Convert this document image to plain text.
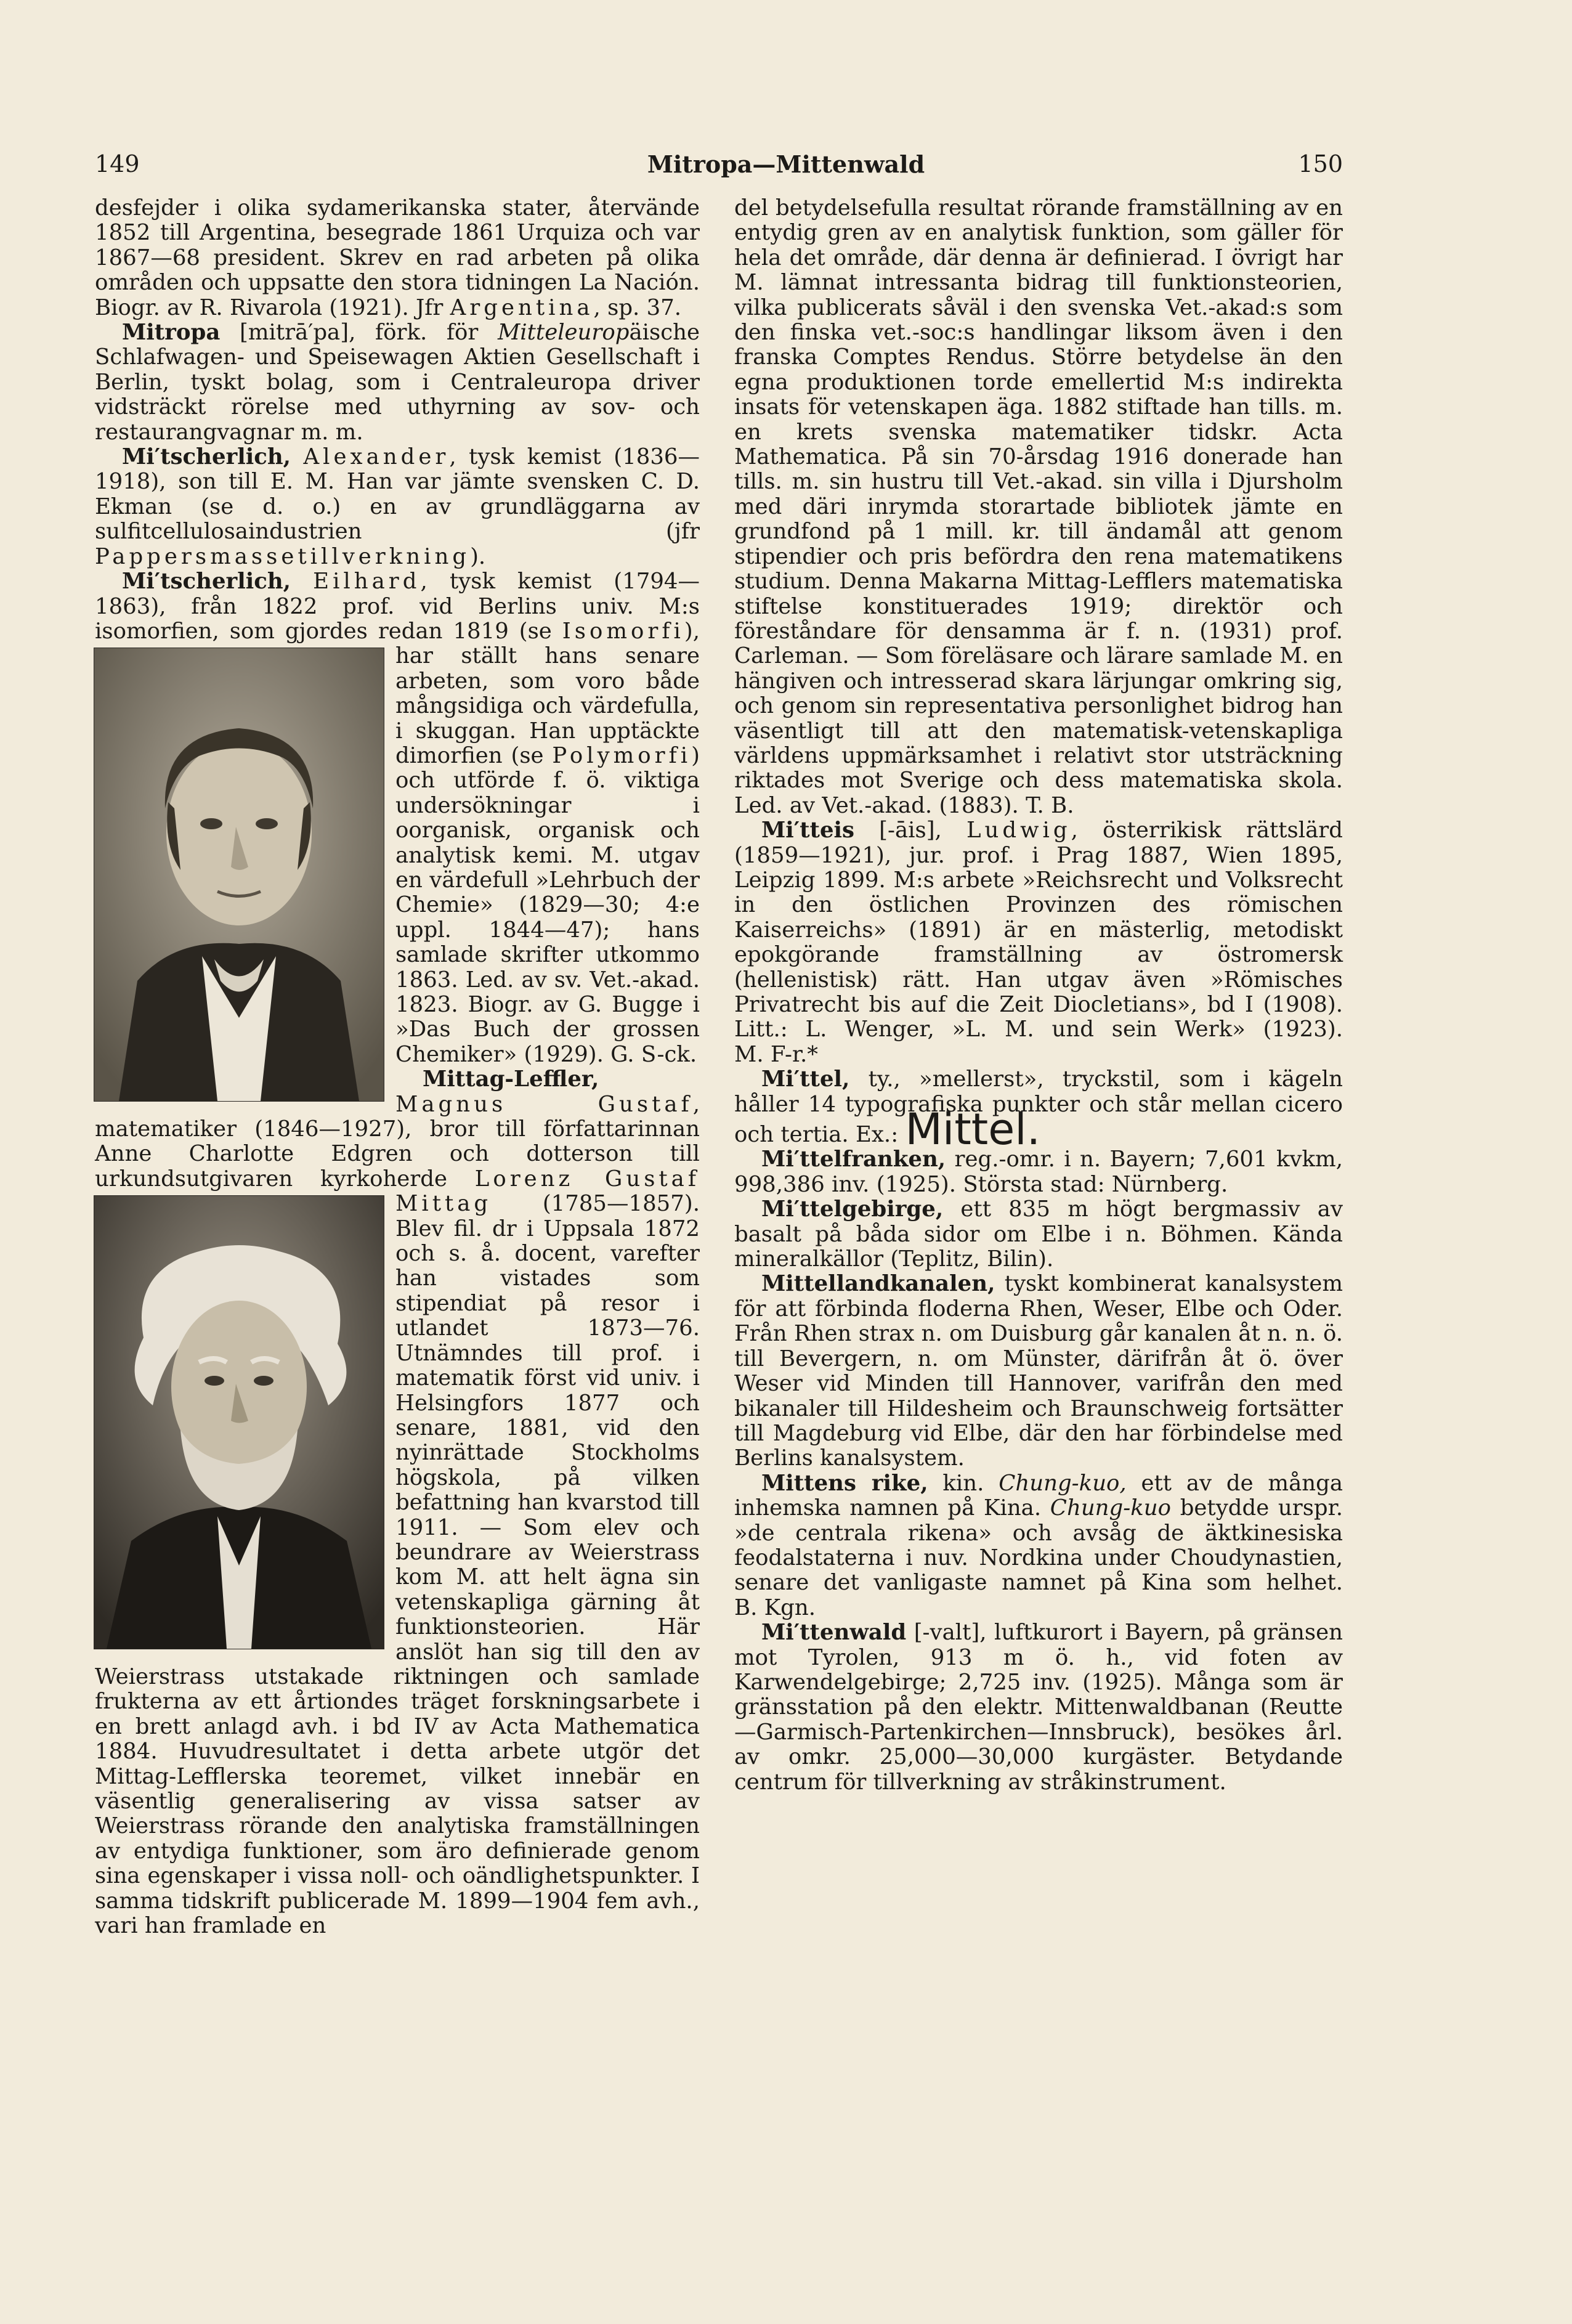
149	Mitropa—Mittenwald	150

desfejder i olika sydamerikanska stater, återvände 1852 till Argentina, besegrade 1861 Urquiza och var 1867—68 president. Skrev en rad arbeten på olika områden och uppsatte den stora tidningen La Nación. Biogr. av R. Rivarola (1921). Jfr Argentina, sp. 37.

Mitropa [mitrā′pa], förk. för Mitteleuropäische Schlafwagen- und Speisewagen Aktien Gesellschaft i Berlin, tyskt bolag, som i Centraleuropa driver vidsträckt rörelse med uthyrning av sov- och restaurangvagnar m. m.

Mi′tscherlich, Alexander, tysk kemist (1836—1918), son till E. M. Han var jämte svensken C. D. Ekman (se d. o.) en av grundläggarna av sulfitcellulosaindustrien (jfr Pappersmassetillverkning).

Mi′tscherlich, Eilhard, tysk kemist (1794—1863), från 1822 prof. vid Berlins univ. M:s isomorfien, som gjordes redan 1819 (se Isomorfi
), har ställt hans senare arbeten, som voro både mångsidiga och värdefulla, i skuggan. Han upptäckte dimorfien (se Polymorfi) och utförde f. ö. viktiga undersökningar i oorganisk, organisk och analytisk kemi. M. utgav en värdefull »Lehrbuch der Chemie» (1829—30; 4:e uppl. 1844—47); hans samlade skrifter utkommo 1863. Led. av sv. Vet.-akad. 1823. Biogr. av G. Bugge i »Das Buch der grossen Chemiker» (1929). G. S-ck.

Mittag-Leffler, Magnus Gustaf, matematiker (1846—1927), bror till författarinnan Anne Charlotte Edgren och dotterson till urkundsutgivaren kyrkoherde Lorenz Gustaf Mittag
(1785—1857). Blev fil. dr i Uppsala 1872 och s. å. docent, varefter han vistades som stipendiat på resor i utlandet 1873—76. Utnämndes till prof. i matematik först vid univ. i Helsingfors 1877 och senare, 1881, vid den nyinrättade Stockholms högskola, på vilken befattning han kvarstod till 1911. — Som elev och beundrare av Weierstrass kom M. att helt ägna sin vetenskapliga gärning åt funktionsteorien. Här anslöt han sig till den av Weierstrass utstakade riktningen och samlade frukterna av ett årtiondes träget forskningsarbete i en brett anlagd avh. i bd IV av Acta Mathematica 1884. Huvudresultatet i detta arbete utgör det Mittag-Lefflerska teoremet, vilket innebär en väsentlig generalisering av vissa satser av Weierstrass rörande den analytiska framställningen av entydiga funktioner, som äro definierade genom sina egenskaper i vissa noll- och oändlighetspunkter. I samma tidskrift publicerade M. 1899—1904 fem avh., vari han framlade en

del betydelsefulla resultat rörande framställning av en entydig gren av en analytisk funktion, som gäller för hela det område, där denna är definierad. I övrigt har M. lämnat intressanta bidrag till funktionsteorien, vilka publicerats såväl i den svenska Vet.-akad:s som den finska vet.-soc:s handlingar liksom även i den franska Comptes Rendus. Större betydelse än den egna produktionen torde emellertid M:s indirekta insats för vetenskapen äga. 1882 stiftade han tills. m. en krets svenska matematiker tidskr. Acta Mathematica. På sin 70-årsdag 1916 donerade han tills. m. sin hustru till Vet.-akad. sin villa i Djursholm med däri inrymda storartade bibliotek jämte en grundfond på 1 mill. kr. till ändamål att genom stipendier och pris befördra den rena matematikens studium. Denna Makarna Mittag-Lefflers matematiska stiftelse konstituerades 1919; direktör och föreståndare för densamma är f. n. (1931) prof. Carleman. — Som föreläsare och lärare samlade M. en hängiven och intresserad skara lärjungar omkring sig, och genom sin representativa personlighet bidrog han väsentligt till att den matematisk-vetenskapliga världens uppmärksamhet i relativt stor utsträckning riktades mot Sverige och dess matematiska skola. Led. av Vet.-akad. (1883). T. B.

Mi′tteis [-āis], Ludwig, österrikisk rättslärd (1859—1921), jur. prof. i Prag 1887, Wien 1895, Leipzig 1899. M:s arbete »Reichsrecht und Volksrecht in den östlichen Provinzen des römischen Kaiserreichs» (1891) är en mästerlig, metodiskt epokgörande framställning av östromersk (hellenistisk) rätt. Han utgav även »Römisches Privatrecht bis auf die Zeit Diocletians», bd I (1908). Litt.: L. Wenger, »L. M. und sein Werk» (1923). M. F-r.*

Mi′ttel, ty., »mellerst», tryckstil, som i kägeln håller 14 typografiska punkter och står mellan cicero och tertia. Ex.: Mittel.

Mi′ttelfranken, reg.-omr. i n. Bayern; 7,601 kvkm, 998,386 inv. (1925). Största stad: Nürnberg.

Mi′ttelgebirge, ett 835 m högt bergmassiv av basalt på båda sidor om Elbe i n. Böhmen. Kända mineralkällor (Teplitz, Bilin).

Mittellandkanalen, tyskt kombinerat kanalsystem för att förbinda floderna Rhen, Weser, Elbe och Oder. Från Rhen strax n. om Duisburg går kanalen åt n. n. ö. till Bevergern, n. om Münster, därifrån åt ö. över Weser vid Minden till Hannover, varifrån den med bikanaler till Hildesheim och Braunschweig fortsätter till Magdeburg vid Elbe, där den har förbindelse med Berlins kanalsystem.

Mittens rike, kin. Chung-kuo, ett av de många inhemska namnen på Kina. Chung-kuo betydde urspr. »de centrala rikena» och avsåg de äktkinesiska feodalstaterna i nuv. Nordkina under Choudynastien, senare det vanligaste namnet på Kina som helhet. B. Kgn.

Mi′ttenwald [-valt], luftkurort i Bayern, på gränsen mot Tyrolen, 913 m ö. h., vid foten av Karwendelgebirge; 2,725 inv. (1925). Många som är gränsstation på den elektr. Mittenwaldbanan (Reutte—Garmisch-Partenkirchen—Innsbruck), besökes årl. av omkr. 25,000—30,000 kurgäster. Betydande centrum för tillverkning av stråkinstrument.
